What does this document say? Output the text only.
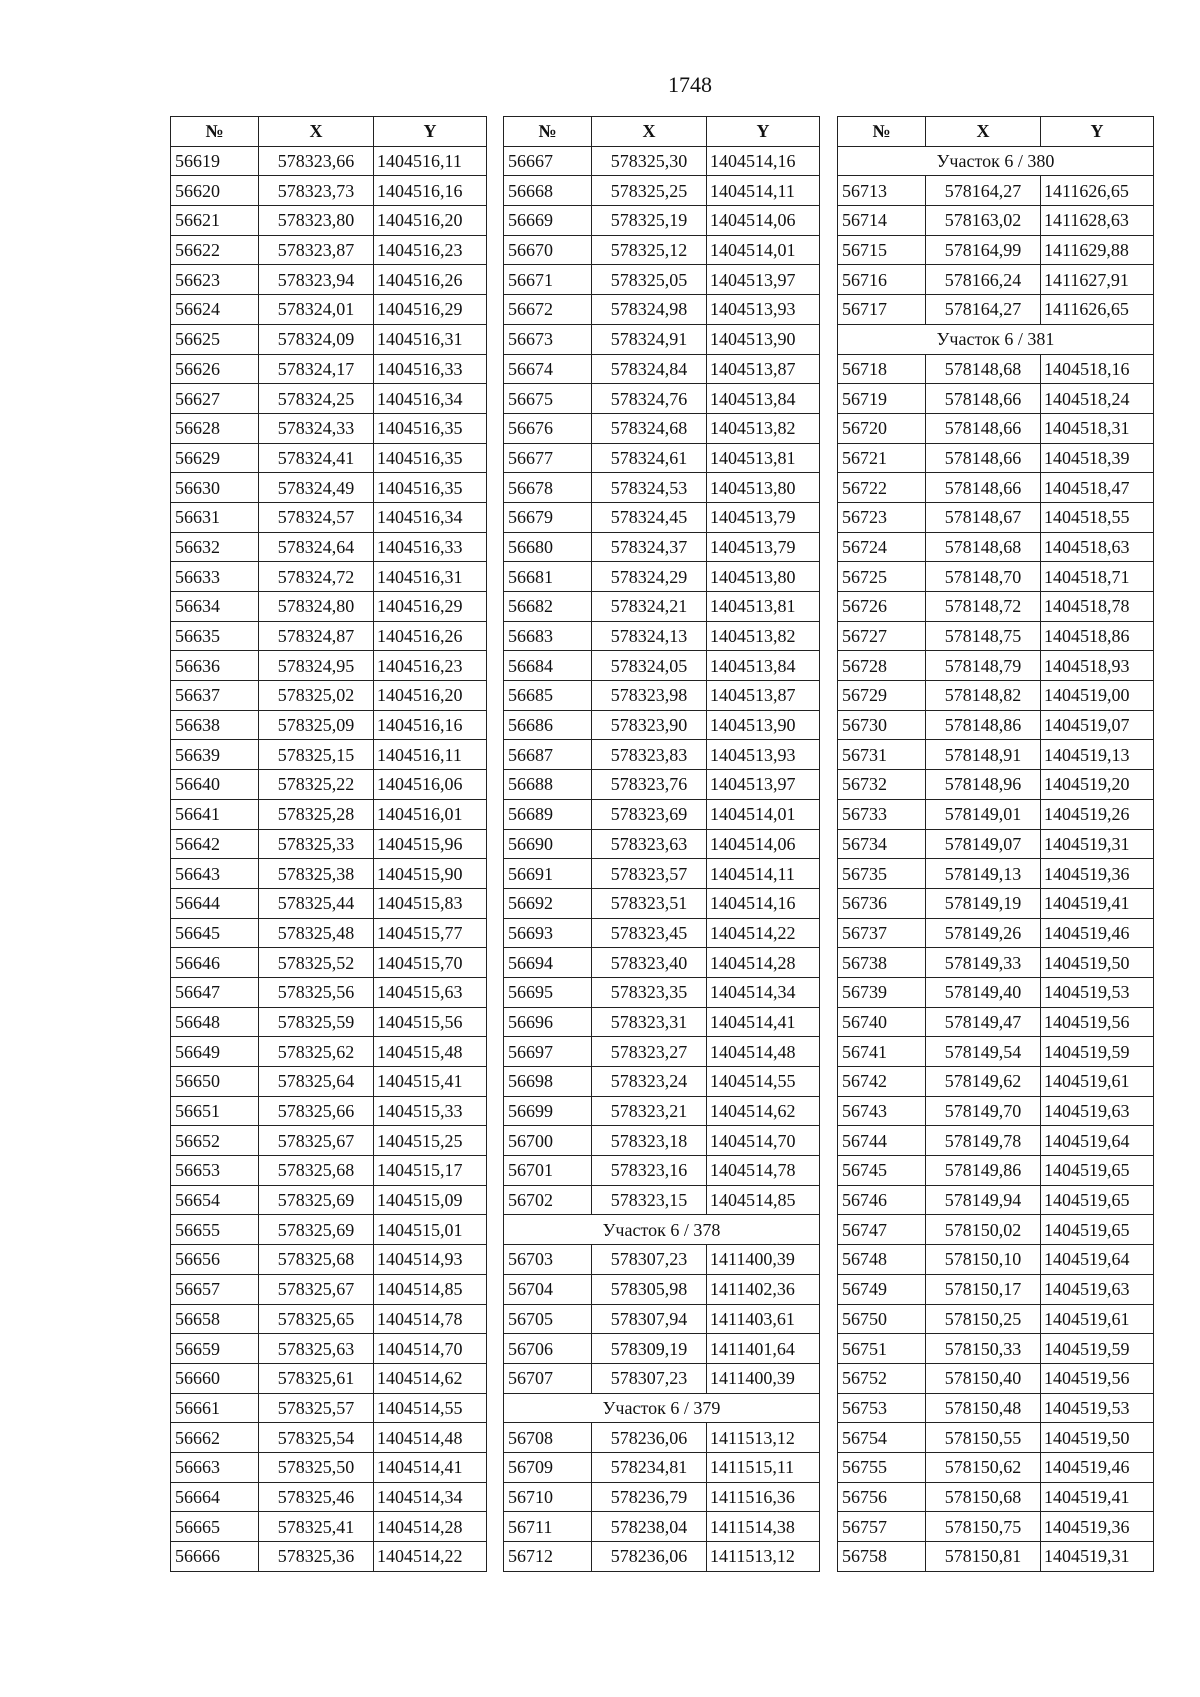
1748
№	X	Y
56619	578323,66	1404516,11
56620	578323,73	1404516,16
56621	578323,80	1404516,20
56622	578323,87	1404516,23
56623	578323,94	1404516,26
56624	578324,01	1404516,29
56625	578324,09	1404516,31
56626	578324,17	1404516,33
56627	578324,25	1404516,34
56628	578324,33	1404516,35
56629	578324,41	1404516,35
56630	578324,49	1404516,35
56631	578324,57	1404516,34
56632	578324,64	1404516,33
56633	578324,72	1404516,31
56634	578324,80	1404516,29
56635	578324,87	1404516,26
56636	578324,95	1404516,23
56637	578325,02	1404516,20
56638	578325,09	1404516,16
56639	578325,15	1404516,11
56640	578325,22	1404516,06
56641	578325,28	1404516,01
56642	578325,33	1404515,96
56643	578325,38	1404515,90
56644	578325,44	1404515,83
56645	578325,48	1404515,77
56646	578325,52	1404515,70
56647	578325,56	1404515,63
56648	578325,59	1404515,56
56649	578325,62	1404515,48
56650	578325,64	1404515,41
56651	578325,66	1404515,33
56652	578325,67	1404515,25
56653	578325,68	1404515,17
56654	578325,69	1404515,09
56655	578325,69	1404515,01
56656	578325,68	1404514,93
56657	578325,67	1404514,85
56658	578325,65	1404514,78
56659	578325,63	1404514,70
56660	578325,61	1404514,62
56661	578325,57	1404514,55
56662	578325,54	1404514,48
56663	578325,50	1404514,41
56664	578325,46	1404514,34
56665	578325,41	1404514,28
56666	578325,36	1404514,22
№	X	Y
56667	578325,30	1404514,16
56668	578325,25	1404514,11
56669	578325,19	1404514,06
56670	578325,12	1404514,01
56671	578325,05	1404513,97
56672	578324,98	1404513,93
56673	578324,91	1404513,90
56674	578324,84	1404513,87
56675	578324,76	1404513,84
56676	578324,68	1404513,82
56677	578324,61	1404513,81
56678	578324,53	1404513,80
56679	578324,45	1404513,79
56680	578324,37	1404513,79
56681	578324,29	1404513,80
56682	578324,21	1404513,81
56683	578324,13	1404513,82
56684	578324,05	1404513,84
56685	578323,98	1404513,87
56686	578323,90	1404513,90
56687	578323,83	1404513,93
56688	578323,76	1404513,97
56689	578323,69	1404514,01
56690	578323,63	1404514,06
56691	578323,57	1404514,11
56692	578323,51	1404514,16
56693	578323,45	1404514,22
56694	578323,40	1404514,28
56695	578323,35	1404514,34
56696	578323,31	1404514,41
56697	578323,27	1404514,48
56698	578323,24	1404514,55
56699	578323,21	1404514,62
56700	578323,18	1404514,70
56701	578323,16	1404514,78
56702	578323,15	1404514,85
Участок 6 / 378		
56703	578307,23	1411400,39
56704	578305,98	1411402,36
56705	578307,94	1411403,61
56706	578309,19	1411401,64
56707	578307,23	1411400,39
Участок 6 / 379		
56708	578236,06	1411513,12
56709	578234,81	1411515,11
56710	578236,79	1411516,36
56711	578238,04	1411514,38
56712	578236,06	1411513,12
№	X	Y
Участок 6 / 380		
56713	578164,27	1411626,65
56714	578163,02	1411628,63
56715	578164,99	1411629,88
56716	578166,24	1411627,91
56717	578164,27	1411626,65
Участок 6 / 381		
56718	578148,68	1404518,16
56719	578148,66	1404518,24
56720	578148,66	1404518,31
56721	578148,66	1404518,39
56722	578148,66	1404518,47
56723	578148,67	1404518,55
56724	578148,68	1404518,63
56725	578148,70	1404518,71
56726	578148,72	1404518,78
56727	578148,75	1404518,86
56728	578148,79	1404518,93
56729	578148,82	1404519,00
56730	578148,86	1404519,07
56731	578148,91	1404519,13
56732	578148,96	1404519,20
56733	578149,01	1404519,26
56734	578149,07	1404519,31
56735	578149,13	1404519,36
56736	578149,19	1404519,41
56737	578149,26	1404519,46
56738	578149,33	1404519,50
56739	578149,40	1404519,53
56740	578149,47	1404519,56
56741	578149,54	1404519,59
56742	578149,62	1404519,61
56743	578149,70	1404519,63
56744	578149,78	1404519,64
56745	578149,86	1404519,65
56746	578149,94	1404519,65
56747	578150,02	1404519,65
56748	578150,10	1404519,64
56749	578150,17	1404519,63
56750	578150,25	1404519,61
56751	578150,33	1404519,59
56752	578150,40	1404519,56
56753	578150,48	1404519,53
56754	578150,55	1404519,50
56755	578150,62	1404519,46
56756	578150,68	1404519,41
56757	578150,75	1404519,36
56758	578150,81	1404519,31
